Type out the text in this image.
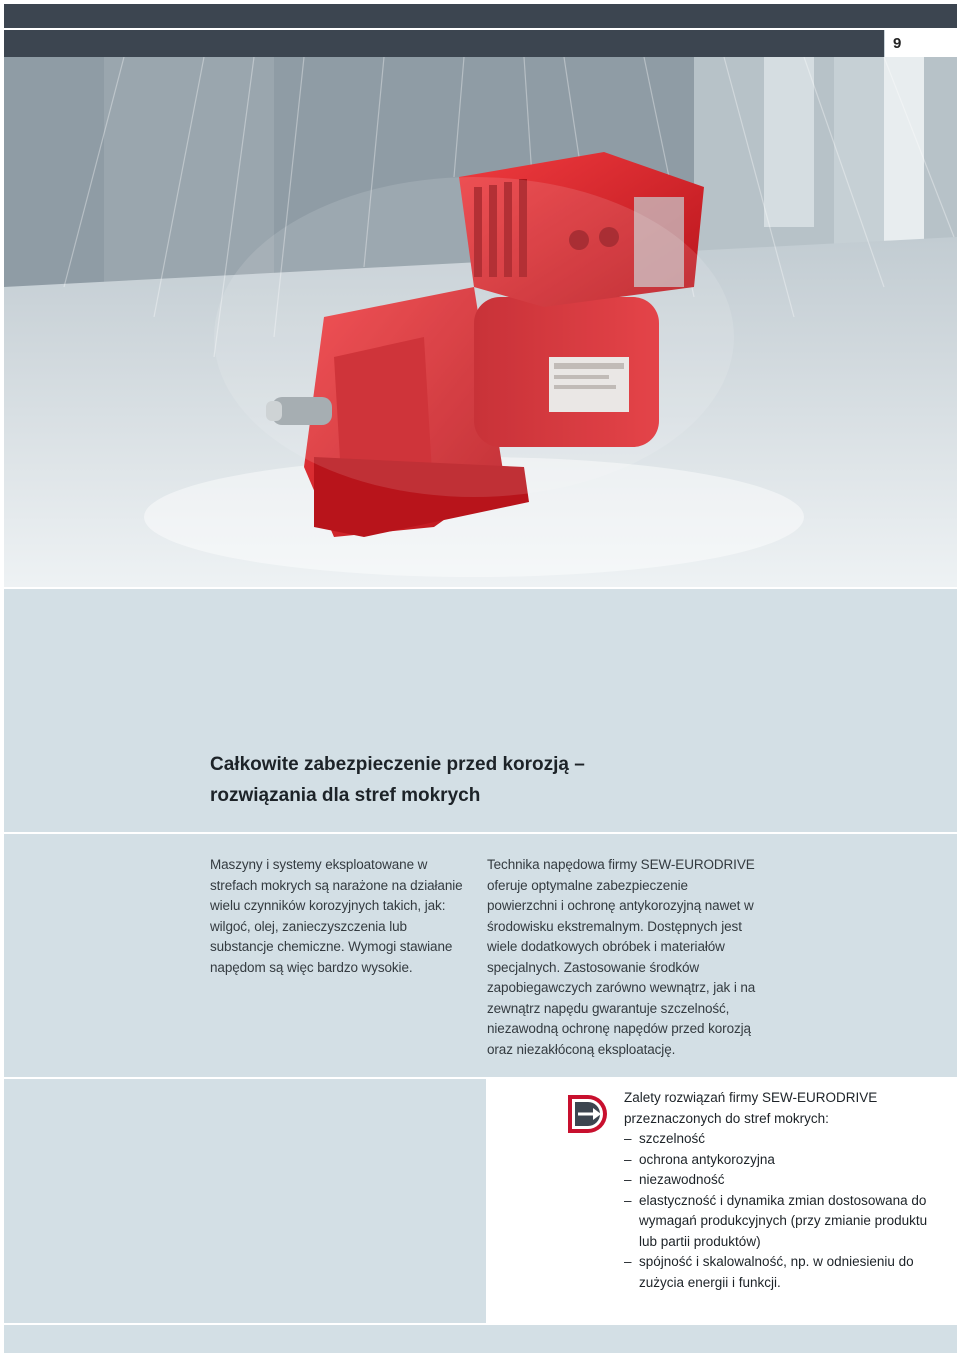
9
Całkowite zabezpieczenie przed korozją –
rozwiązania dla stref mokrych

Maszyny i systemy eksploatowane w strefach mokrych są narażone na działanie wielu czynników korozyjnych takich, jak: wilgoć, olej, zanieczyszczenia lub substancje chemiczne. Wymogi stawiane napędom są więc bardzo wysokie.

Technika napędowa firmy SEW-EURODRIVE oferuje optymalne zabezpieczenie powierzchni i ochronę antykorozyjną nawet w środowisku ekstremalnym. Dostępnych jest wiele dodatkowych obróbek i materiałów specjalnych. Zastosowanie środków zapobiegawczych zarówno wewnątrz, jak i na zewnątrz napędu gwarantuje szczelność, niezawodną ochronę napędów przed korozją oraz niezakłóconą eksploatację.

Zalety rozwiązań firmy SEW-EURODRIVE
przeznaczonych do stref mokrych:
– szczelność
– ochrona antykorozyjna
– niezawodność
– elastyczność i dynamika zmian dostosowana do wymagań produkcyjnych (przy zmianie produktu lub partii produktów)
– spójność i skalowalność, np. w odniesieniu do zużycia energii i funkcji.
